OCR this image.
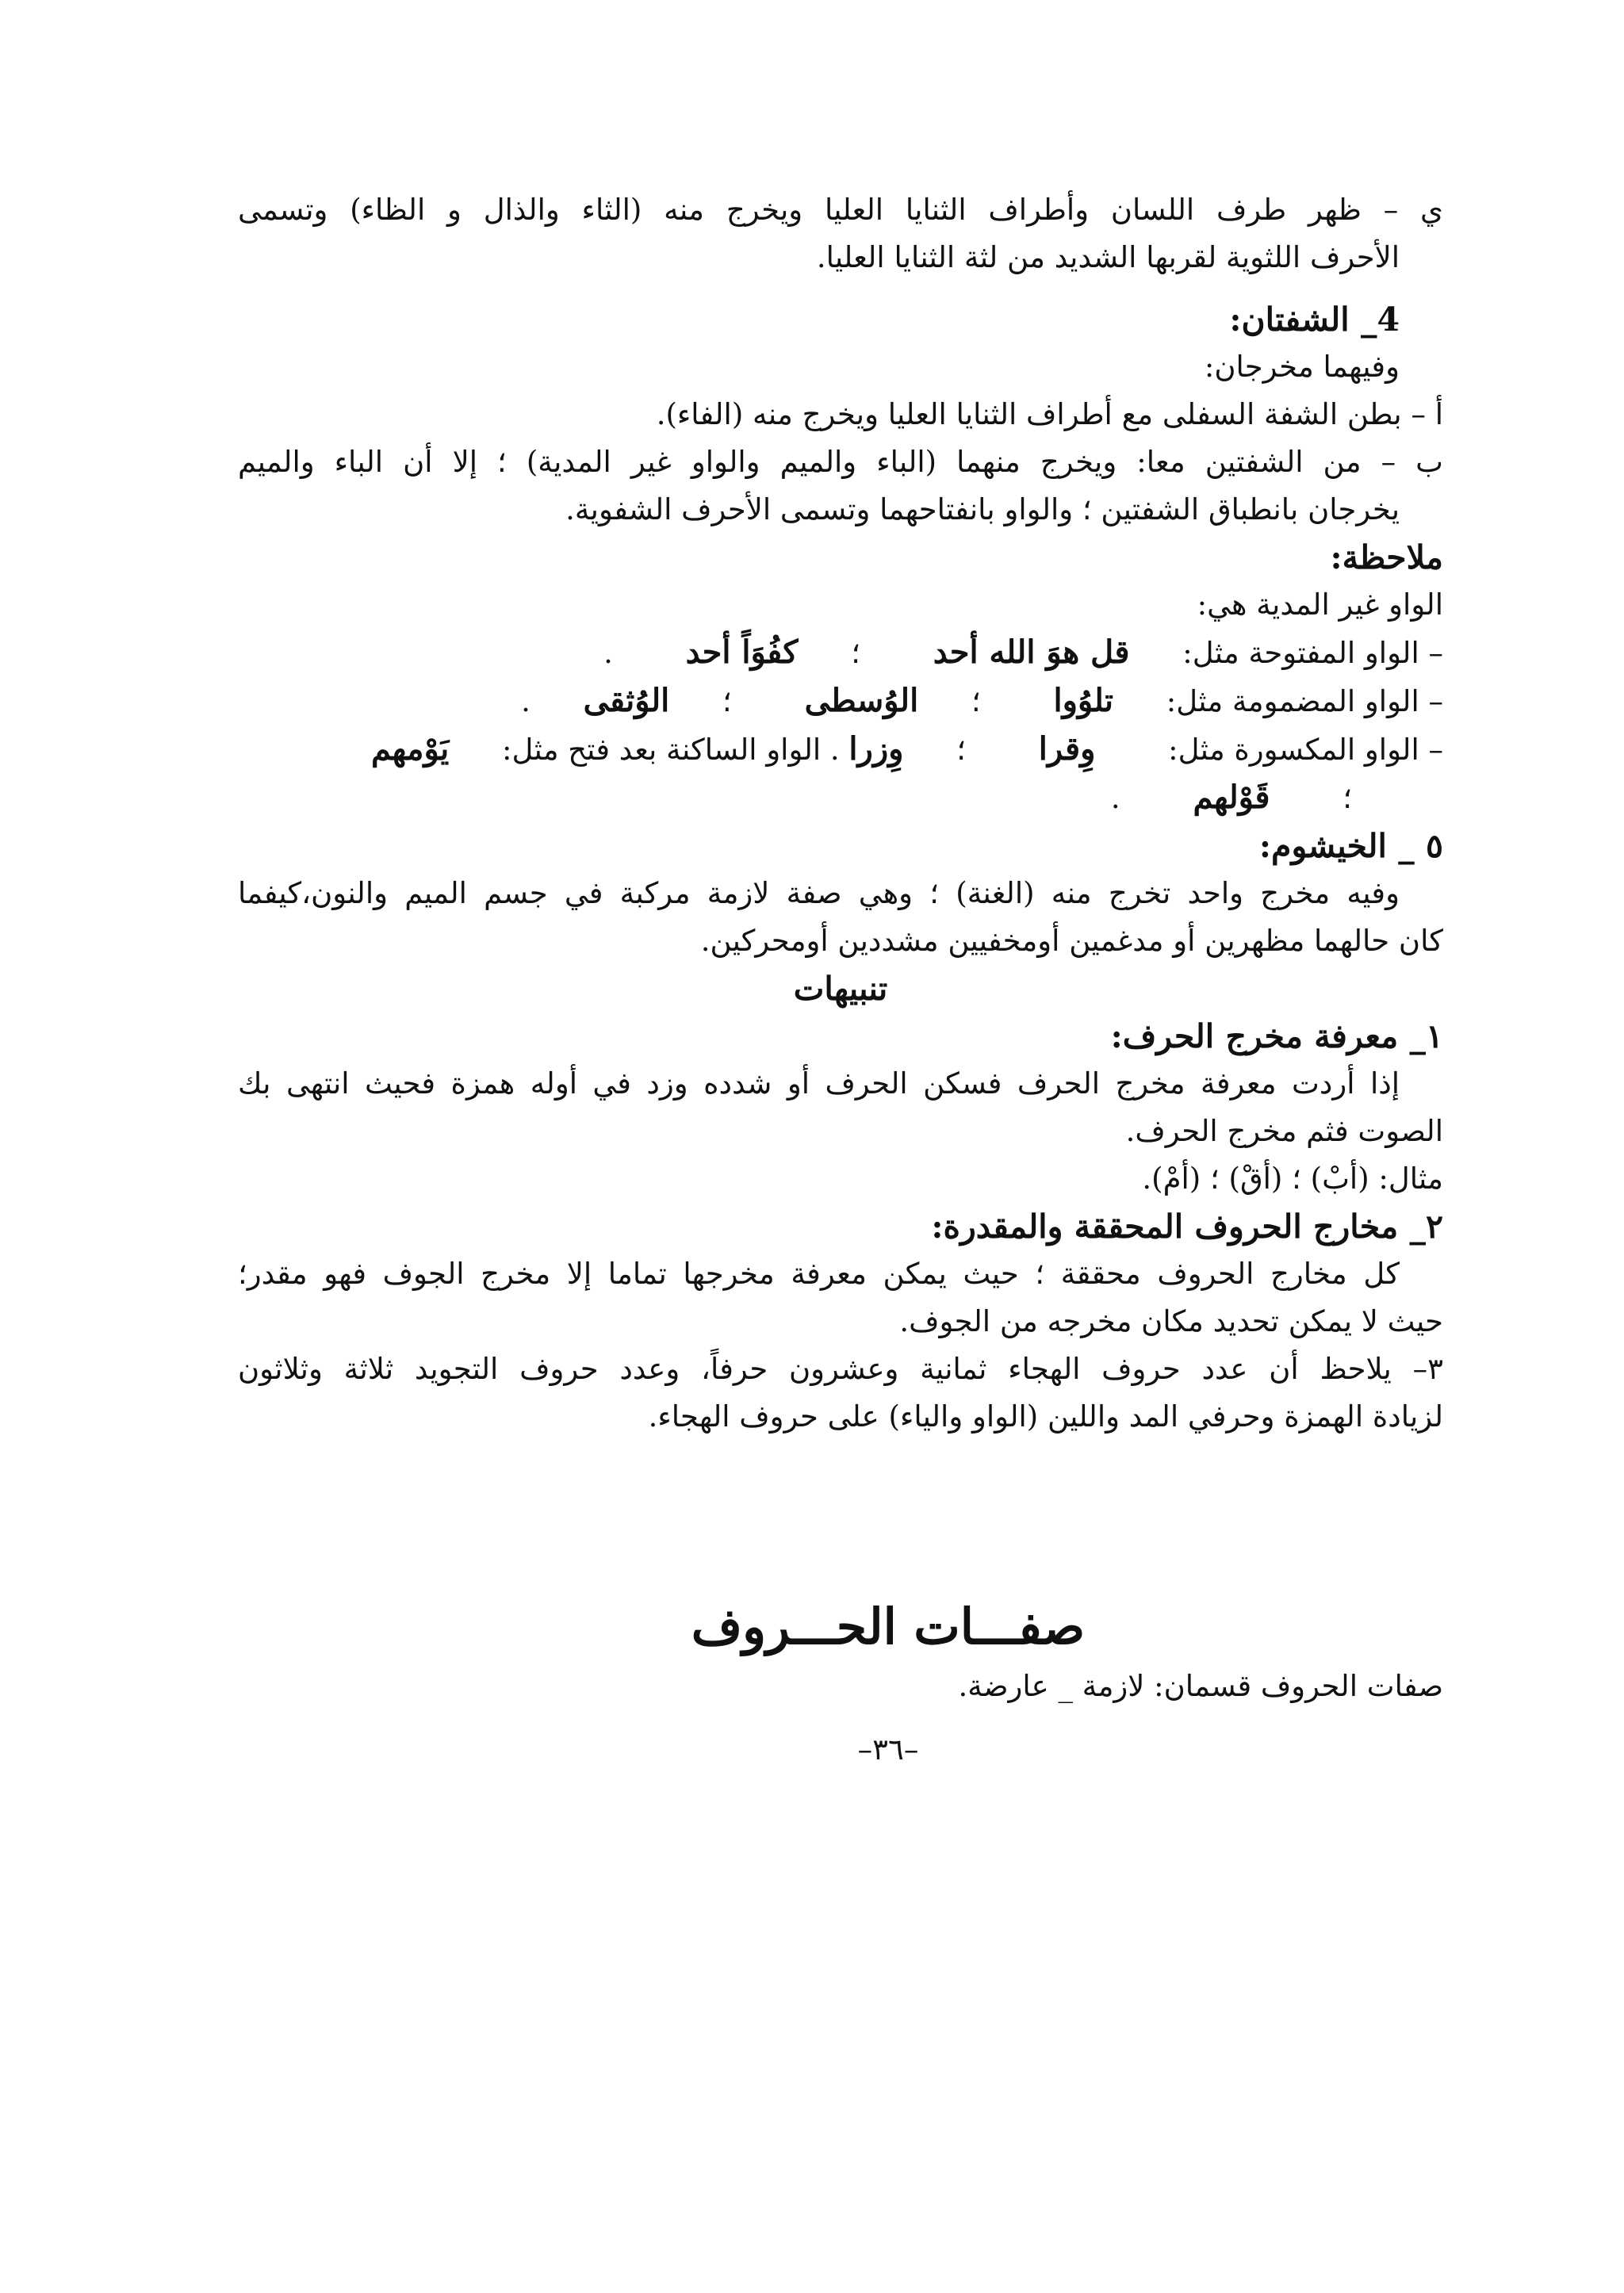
ي – ظهر طرف اللسان وأطراف الثنايا العليا ويخرج منه (الثاء والذال و الظاء) وتسمى
الأحرف اللثوية لقربها الشديد من لثة الثنايا العليا.
4_ الشفتان:
وفيهما مخرجان:
أ – بطن الشفة السفلى مع أطراف الثنايا العليا ويخرج منه (الفاء).
ب – من الشفتين معا: ويخرج منهما (الباء والميم والواو غير المدية) ؛ إلا أن الباء والميم
يخرجان بانطباق الشفتين ؛ والواو بانفتاحهما وتسمى الأحرف الشفوية.
ملاحظة:
الواو غير المدية هي:
– الواو المفتوحة مثل: قل هوَ الله أحد ؛ كفُوَاً أحد .
– الواو المضمومة مثل: تلوُوا ؛ الوُسطى ؛ الوُثقى .
– الواو المكسورة مثل: وِقرا ؛ وِزرا . الواو الساكنة بعد فتح مثل: يَوْمهم
؛ قَوْلهم .
٥ _ الخيشوم:
وفيه مخرج واحد تخرج منه (الغنة) ؛ وهي صفة لازمة مركبة في جسم الميم والنون،كيفما
كان حالهما مظهرين أو مدغمين أومخفيين مشددين أومحركين.
تنبيهات
١_ معرفة مخرج الحرف:
إذا أردت معرفة مخرج الحرف فسكن الحرف أو شدده وزد في أوله همزة فحيث انتهى بك
الصوت فثم مخرج الحرف.
مثال: (أبْ) ؛ (أقْ) ؛ (أمْ).
٢_ مخارج الحروف المحققة والمقدرة:
كل مخارج الحروف محققة ؛ حيث يمكن معرفة مخرجها تماما إلا مخرج الجوف فهو مقدر؛
حيث لا يمكن تحديد مكان مخرجه من الجوف.
٣– يلاحظ أن عدد حروف الهجاء ثمانية وعشرون حرفاً، وعدد حروف التجويد ثلاثة وثلاثون
لزيادة الهمزة وحرفي المد واللين (الواو والياء) على حروف الهجاء.
صفـــات الحـــروف
صفات الحروف قسمان: لازمة _ عارضة.
–٣٦–
